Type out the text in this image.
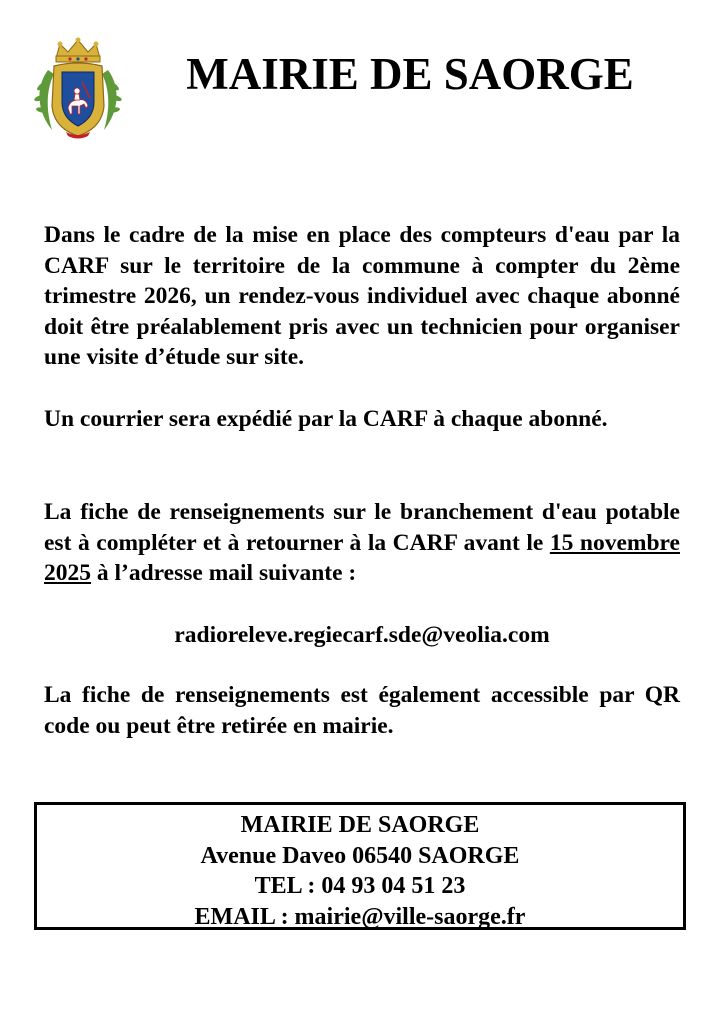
MAIRIE DE SAORGE

Dans le cadre de la mise en place des compteurs d'eau par la CARF sur le territoire de la commune à compter du 2ème trimestre 2026, un rendez-vous individuel avec chaque abonné doit être préalablement pris avec un technicien pour organiser une visite d’étude sur site.

Un courrier sera expédié par la CARF à chaque abonné.

La fiche de renseignements sur le branchement d'eau potable est à compléter et à retourner à la CARF avant le 15 novembre 2025 à l’adresse mail suivante :

radioreleve.regiecarf.sde@veolia.com

La fiche de renseignements est également accessible par QR code ou peut être retirée en mairie.

MAIRIE DE SAORGE
Avenue Daveo 06540 SAORGE
TEL : 04 93 04 51 23
EMAIL : mairie@ville-saorge.fr
